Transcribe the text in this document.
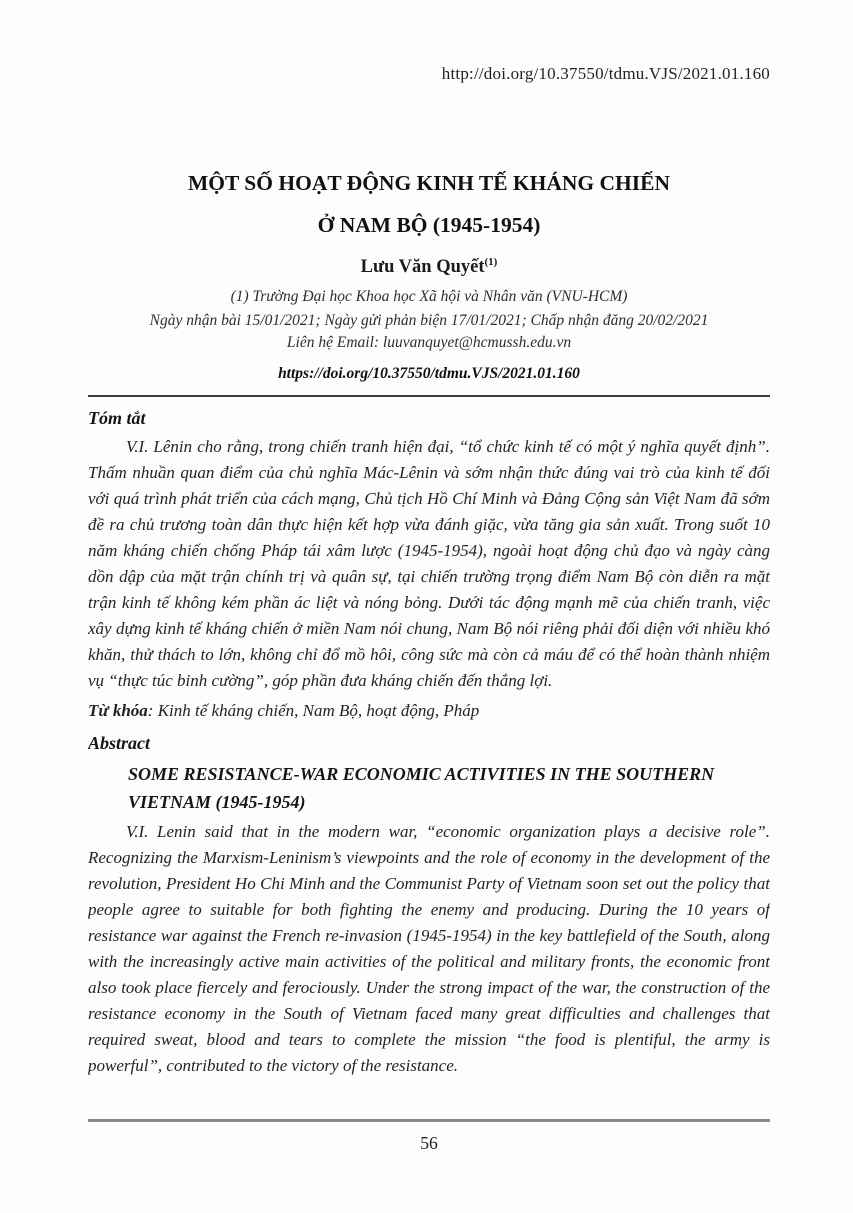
http://doi.org/10.37550/tdmu.VJS/2021.01.160
MỘT SỐ HOẠT ĐỘNG KINH TẾ KHÁNG CHIẾN
Ở NAM BỘ (1945-1954)
Lưu Văn Quyết$^{(1)}$
(1) Trường Đại học Khoa học Xã hội và Nhân văn (VNU-HCM)
Ngày nhận bài 15/01/2021; Ngày gửi phản biện 17/01/2021; Chấp nhận đăng 20/02/2021
Liên hệ Email: luuvanquyet@hcmussh.edu.vn
https://doi.org/10.37550/tdmu.VJS/2021.01.160

Tóm tắt

V.I. Lênin cho rằng, trong chiến tranh hiện đại, “tổ chức kinh tế có một ý nghĩa quyết định”. Thấm nhuần quan điểm của chủ nghĩa Mác-Lênin và sớm nhận thức đúng vai trò của kinh tế đối với quá trình phát triển của cách mạng, Chủ tịch Hồ Chí Minh và Đảng Cộng sản Việt Nam đã sớm đề ra chủ trương toàn dân thực hiện kết hợp vừa đánh giặc, vừa tăng gia sản xuất. Trong suốt 10 năm kháng chiến chống Pháp tái xâm lược (1945-1954), ngoài hoạt động chủ đạo và ngày càng dồn dập của mặt trận chính trị và quân sự, tại chiến trường trọng điểm Nam Bộ còn diễn ra mặt trận kinh tế không kém phần ác liệt và nóng bỏng. Dưới tác động mạnh mẽ của chiến tranh, việc xây dựng kinh tế kháng chiến ở miền Nam nói chung, Nam Bộ nói riêng phải đối diện với nhiều khó khăn, thử thách to lớn, không chỉ đổ mồ hôi, công sức mà còn cả máu để có thể hoàn thành nhiệm vụ “thực túc binh cường”, góp phần đưa kháng chiến đến thắng lợi.

Từ khóa: Kinh tế kháng chiến, Nam Bộ, hoạt động, Pháp

Abstract

SOME RESISTANCE-WAR ECONOMIC ACTIVITIES IN THE SOUTHERN VIETNAM (1945-1954)

V.I. Lenin said that in the modern war, “economic organization plays a decisive role”. Recognizing the Marxism-Leninism’s viewpoints and the role of economy in the development of the revolution, President Ho Chi Minh and the Communist Party of Vietnam soon set out the policy that people agree to suitable for both fighting the enemy and producing. During the 10 years of resistance war against the French re-invasion (1945-1954) in the key battlefield of the South, along with the increasingly active main activities of the political and military fronts, the economic front also took place fiercely and ferociously. Under the strong impact of the war, the construction of the resistance economy in the South of Vietnam faced many great difficulties and challenges that required sweat, blood and tears to complete the mission “the food is plentiful, the army is powerful”, contributed to the victory of the resistance.

56
